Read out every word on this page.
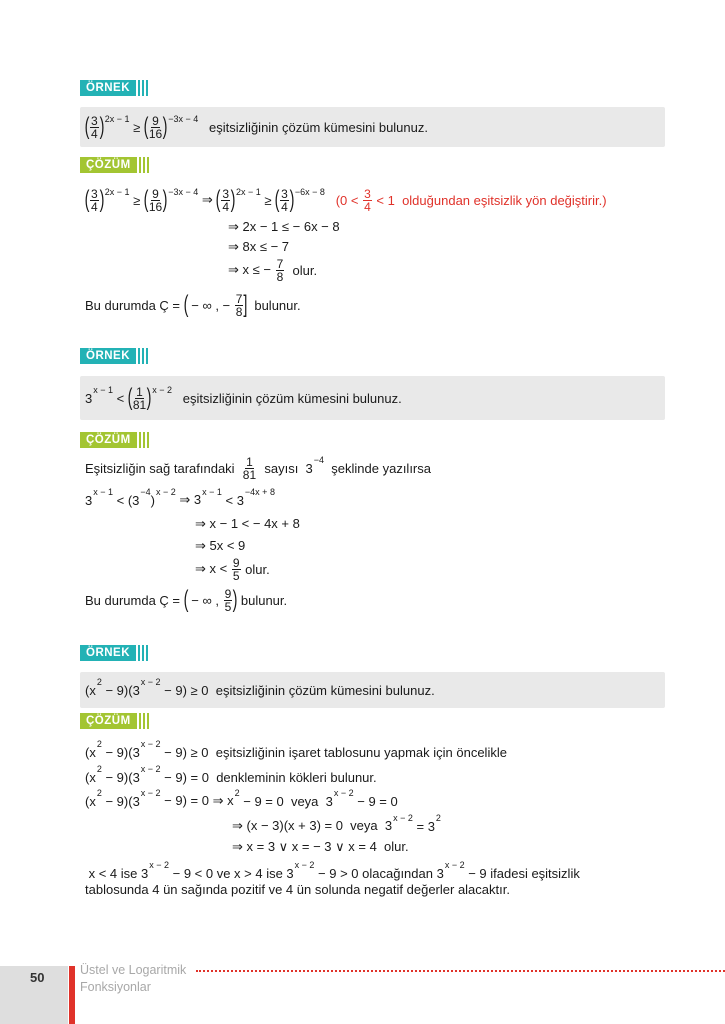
ÖRNEK
( $\frac{3}{4}$ ) 2x − 1
≥ ( $\frac{9}{16}$ ) −3x − 4
eşitsizliğinin çözüm kümesini bulunuz.
ÇÖZÜM
( $\frac{3}{4}$ ) 2x − 1
≥ ( $\frac{9}{16}$ ) −3x − 4 ⇒ ( $\frac{3}{4}$ ) 2x − 1
≥ ( $\frac{3}{4}$ ) −6x − 8
($0 < \frac{3}{4} < 1$  olduğundan eşitsizlik yön değiştirir.)
⇒ 2x − 1 ≤ − 6x − 8
⇒ 8x ≤ − 7
⇒ x ≤ − $\frac{7}{8}$ olur.
Bu durumda Ç = ( − ∞ , − $\frac{7}{8}$ ] bulunur.
ÖRNEK
3
x − 1
< ( $\frac{1}{81}$ ) x − 2
eşitsizliğinin çözüm kümesini bulunuz.
ÇÖZÜM
Eşitsizliğin sağ tarafındaki $\frac{1}{81}$ sayısı  3
−4
şeklinde yazılırsa
3
x − 1
< (3
−4
)
x − 2 ⇒ 3 x − 1
< 3
−4x + 8
⇒ x − 1 < − 4x + 8
⇒ 5x < 9
⇒ $x < \frac{9}{5}$ olur.
Bu durumda Ç = ( − ∞ , $\frac{9}{5}$ ) bulunur.
ÖRNEK
(x
2
− 9)(3
x − 2
− 9) ≥ 0  eşitsizliğinin çözüm kümesini bulunuz.
ÇÖZÜM
(x
2
− 9)(3
x − 2
− 9) ≥ 0  eşitsizliğinin işaret tablosunu yapmak için öncelikle
(x
2
− 9)(3
x − 2
− 9) = 0  denkleminin kökleri bulunur.
(x
2
− 9)(3
x − 2 − 9) = 0 ⇒ x 2
− 9 = 0  veya  3
x − 2
− 9 = 0
⇒ (x − 3)(x + 3) = 0  veya  3 x − 2
= 3
2
⇒ x = 3 ∨ x = − 3 ∨ x = 4  olur.
x < 4 ise 3
x − 2
− 9 < 0 ve x > 4 ise 3
x − 2
− 9 > 0 olacağından 3
x − 2
− 9 ifadesi eşitsizlik
tablosunda 4 ün sağında pozitif ve 4 ün solunda negatif değerler alacaktır.
50	Üstel ve Logaritmik
Fonksiyonlar
